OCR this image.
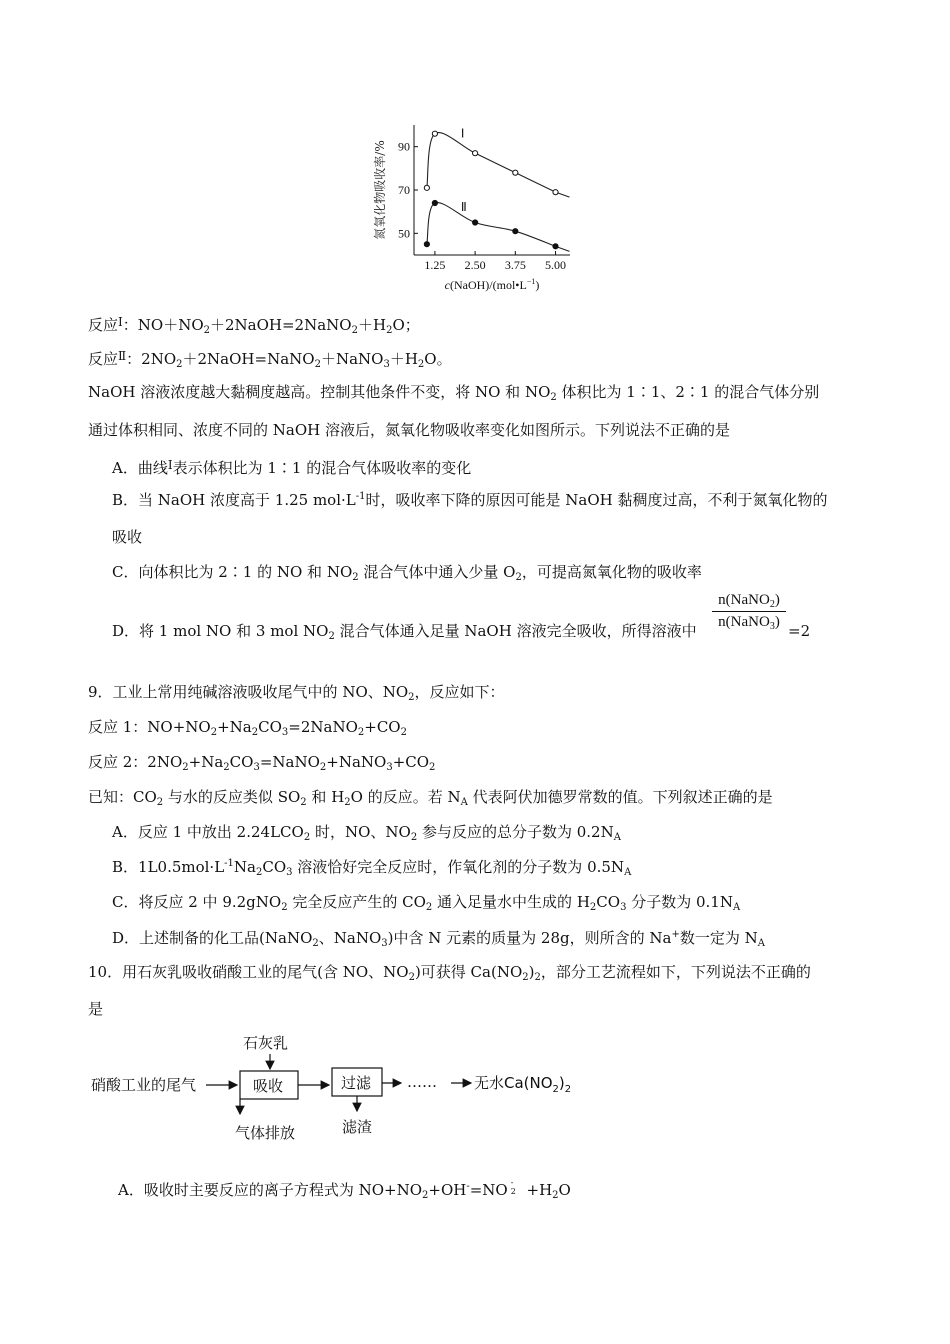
90
70
50
1.25 2.50 3.75 5.00
Ⅰ
Ⅱ
氮氧化物吸收率/%
$c(NaOH)/(mol•L^{-1})$
反应$^Ⅰ$：$NO+NO_2+2NaOH=2NaNO_2+H_2O$；
反应$^Ⅱ$：$2NO_2+2NaOH=NaNO_2+NaNO_3+H_2O$。
NaOH 溶液浓度越大黏稠度越高。控制其他条件不变，将 NO 和 $NO_2$ 体积比为 1∶1、2∶1 的混合气体分别
通过体积相同、浓度不同的 NaOH 溶液后，氮氧化物吸收率变化如图所示。下列说法不正确的是
A．曲线$^Ⅰ$表示体积比为 1∶1 的混合气体吸收率的变化
B．当 NaOH 浓度高于 1.25 $mol\cdot L^{-1}$时，吸收率下降的原因可能是 NaOH 黏稠度过高，不利于氮氧化物的
吸收
C．向体积比为 2∶1 的 NO 和 $NO_2$ 混合气体中通入少量 $O_2$，可提高氮氧化物的吸收率
D．将 1 mol NO 和 3 mol $NO_2$ 混合气体通入足量 NaOH 溶液完全吸收，所得溶液中
n(NaNO$_2$)
n(NaNO$_3$) =2
9．工业上常用纯碱溶液吸收尾气中的 NO、$NO_2$，反应如下：
反应 1：$NO+NO_2+Na_2CO_3=2NaNO_2+CO_2$
反应 2：$2NO_2+Na_2CO_3=NaNO_2+NaNO_3+CO_2$
已知：$CO_2$ 与水的反应类似 $SO_2$ 和 $H_2O$ 的反应。若 $N_A$ 代表阿伏加德罗常数的值。下列叙述正确的是
A．反应 1 中放出 $2.24LCO_2$ 时，NO、$NO_2$ 参与反应的总分子数为 $0.2N_A$
B．$1L0.5mol\cdot L^{-1}Na_2CO_3$ 溶液恰好完全反应时，作氧化剂的分子数为 $0.5N_A$
C．将反应 2 中 9.2gNO$_2$ 完全反应产生的 $CO_2$ 通入足量水中生成的 $H_2CO_3$ 分子数为 $0.1N_A$
D．上述制备的化工品(NaNO$_2$、NaNO$_3$)中含 N 元素的质量为 28g，则所含的 Na+数一定为 $N_A$
10．用石灰乳吸收硝酸工业的尾气(含 NO、$NO_2$)可获得 $Ca(NO_2)_2$，部分工艺流程如下，下列说法不正确的
是
石灰乳
硝酸工业的尾气	吸收	过滤 …… 无水$Ca(NO_2)_2$
气体排放	滤渣
A．吸收时主要反应的离子方程式为 $NO+NO_2+OH^-=NO$ -
$2 +H_2O$
